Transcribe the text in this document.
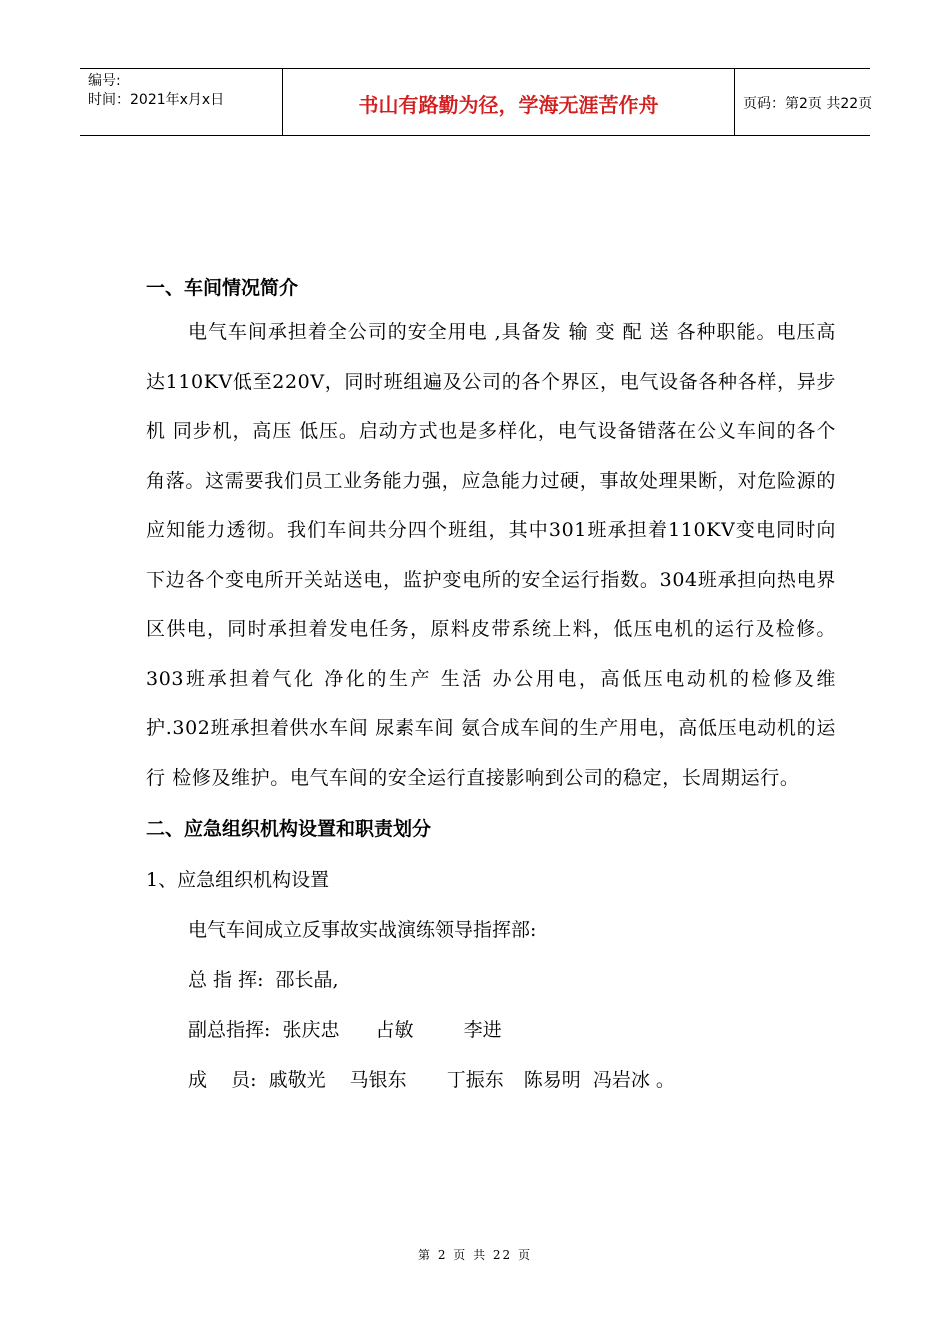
编号:
时间：2021年x月x日	书山有路勤为径，学海无涯苦作舟	页码：第2页 共22页

一、车间情况简介

电气车间承担着全公司的安全用电 ,具备发 输 变 配 送 各种职能。电压高达110KV低至220V，同时班组遍及公司的各个界区，电气设备各种各样，异步机 同步机，高压 低压。启动方式也是多样化，电气设备错落在公义车间的各个角落。这需要我们员工业务能力强，应急能力过硬，事故处理果断，对危险源的应知能力透彻。我们车间共分四个班组，其中301班承担着110KV变电同时向下边各个变电所开关站送电，监护变电所的安全运行指数。304班承担向热电界区供电，同时承担着发电任务，原料皮带系统上料，低压电机的运行及检修。303班承担着气化 净化的生产 生活 办公用电，高低压电动机的检修及维护.302班承担着供水车间 尿素车间 氨合成车间的生产用电，高低压电动机的运行 检修及维护。电气车间的安全运行直接影响到公司的稳定，长周期运行。

二、应急组织机构设置和职责划分

1、应急组织机构设置

电气车间成立反事故实战演练领导指挥部:

总 指 挥: 邵长晶,

副总指挥: 张庆忠 占敏	李进

成    员: 戚敬光 马银东 丁振东 陈易明 冯岩冰 。

第 2 页 共 22 页
